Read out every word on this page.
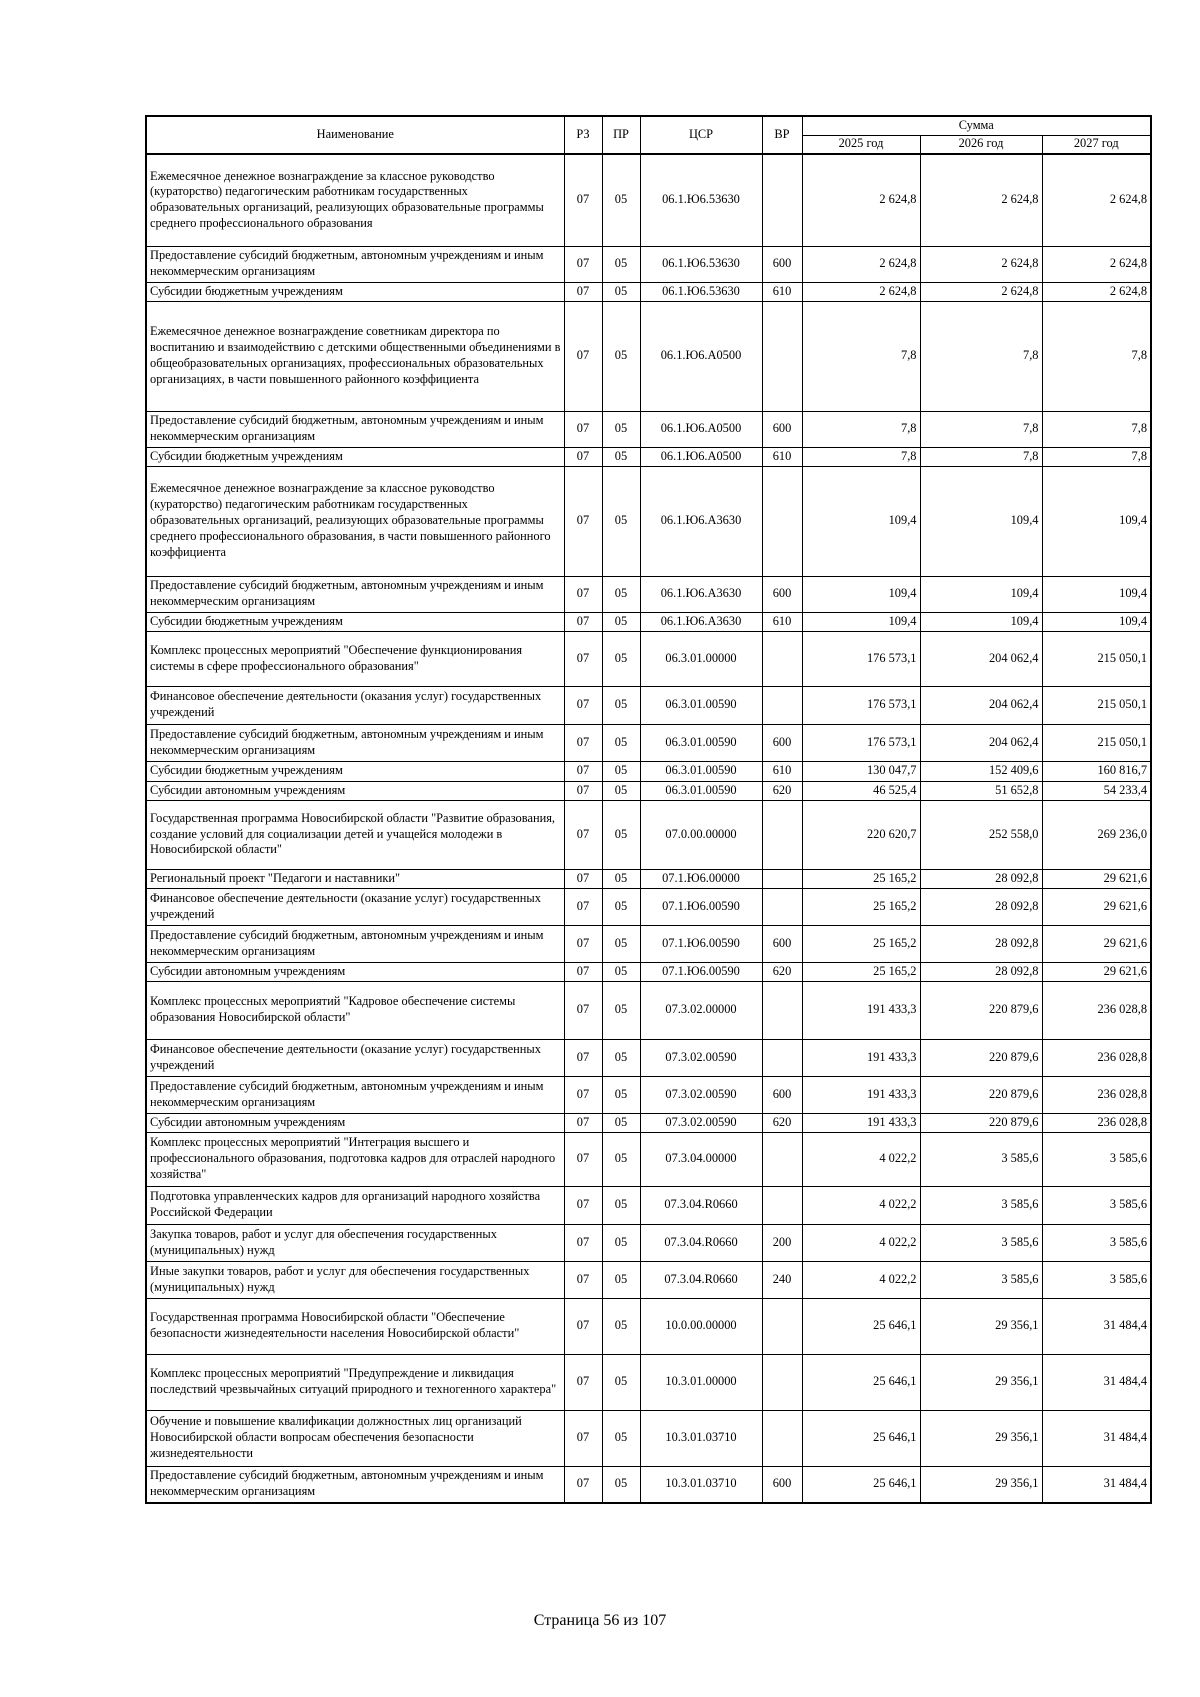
Наименование	РЗ	ПР	ЦСР	ВР	Сумма		
					2025 год	2026 год	2027 год
Ежемесячное денежное вознаграждение за классное руководство (кураторство) педагогическим работникам государственных образовательных организаций, реализующих образовательные программы среднего профессионального образования	07	05	06.1.Ю6.53630		2 624,8	2 624,8	2 624,8
Предоставление субсидий бюджетным, автономным учреждениям и иным некоммерческим организациям	07	05	06.1.Ю6.53630	600	2 624,8	2 624,8	2 624,8
Субсидии бюджетным учреждениям	07	05	06.1.Ю6.53630	610	2 624,8	2 624,8	2 624,8
Ежемесячное денежное вознаграждение советникам директора по воспитанию и взаимодействию с детскими общественными объединениями в общеобразовательных организациях, профессиональных образовательных организациях, в части повышенного районного коэффициента	07	05	06.1.Ю6.А0500		7,8	7,8	7,8
Предоставление субсидий бюджетным, автономным учреждениям и иным некоммерческим организациям	07	05	06.1.Ю6.А0500	600	7,8	7,8	7,8
Субсидии бюджетным учреждениям	07	05	06.1.Ю6.А0500	610	7,8	7,8	7,8
Ежемесячное денежное вознаграждение за классное руководство (кураторство) педагогическим работникам государственных образовательных организаций, реализующих образовательные программы среднего профессионального образования, в части повышенного районного коэффициента	07	05	06.1.Ю6.А3630		109,4	109,4	109,4
Предоставление субсидий бюджетным, автономным учреждениям и иным некоммерческим организациям	07	05	06.1.Ю6.А3630	600	109,4	109,4	109,4
Субсидии бюджетным учреждениям	07	05	06.1.Ю6.А3630	610	109,4	109,4	109,4
Комплекс процессных мероприятий "Обеспечение функционирования системы в сфере профессионального образования"	07	05	06.3.01.00000		176 573,1	204 062,4	215 050,1
Финансовое обеспечение деятельности (оказания услуг) государственных учреждений	07	05	06.3.01.00590		176 573,1	204 062,4	215 050,1
Предоставление субсидий бюджетным, автономным учреждениям и иным некоммерческим организациям	07	05	06.3.01.00590	600	176 573,1	204 062,4	215 050,1
Субсидии бюджетным учреждениям	07	05	06.3.01.00590	610	130 047,7	152 409,6	160 816,7
Субсидии автономным учреждениям	07	05	06.3.01.00590	620	46 525,4	51 652,8	54 233,4
Государственная программа Новосибирской области "Развитие образования, создание условий для социализации детей и учащейся молодежи в Новосибирской области"	07	05	07.0.00.00000		220 620,7	252 558,0	269 236,0
Региональный проект "Педагоги и наставники"	07	05	07.1.Ю6.00000		25 165,2	28 092,8	29 621,6
Финансовое обеспечение деятельности (оказание услуг) государственных учреждений	07	05	07.1.Ю6.00590		25 165,2	28 092,8	29 621,6
Предоставление субсидий бюджетным, автономным учреждениям и иным некоммерческим организациям	07	05	07.1.Ю6.00590	600	25 165,2	28 092,8	29 621,6
Субсидии автономным учреждениям	07	05	07.1.Ю6.00590	620	25 165,2	28 092,8	29 621,6
Комплекс процессных мероприятий "Кадровое обеспечение системы образования Новосибирской области"	07	05	07.3.02.00000		191 433,3	220 879,6	236 028,8
Финансовое обеспечение деятельности (оказание услуг) государственных учреждений	07	05	07.3.02.00590		191 433,3	220 879,6	236 028,8
Предоставление субсидий бюджетным, автономным учреждениям и иным некоммерческим организациям	07	05	07.3.02.00590	600	191 433,3	220 879,6	236 028,8
Субсидии автономным учреждениям	07	05	07.3.02.00590	620	191 433,3	220 879,6	236 028,8
Комплекс процессных мероприятий "Интеграция высшего и профессионального образования, подготовка кадров для отраслей народного хозяйства"	07	05	07.3.04.00000		4 022,2	3 585,6	3 585,6
Подготовка управленческих кадров для организаций народного хозяйства Российской Федерации	07	05	07.3.04.R0660		4 022,2	3 585,6	3 585,6
Закупка товаров, работ и услуг для обеспечения государственных (муниципальных) нужд	07	05	07.3.04.R0660	200	4 022,2	3 585,6	3 585,6
Иные закупки товаров, работ и услуг для обеспечения государственных (муниципальных) нужд	07	05	07.3.04.R0660	240	4 022,2	3 585,6	3 585,6
Государственная программа Новосибирской области "Обеспечение безопасности жизнедеятельности населения Новосибирской области"	07	05	10.0.00.00000		25 646,1	29 356,1	31 484,4
Комплекс процессных мероприятий "Предупреждение и ликвидация последствий чрезвычайных ситуаций природного и техногенного характера"	07	05	10.3.01.00000		25 646,1	29 356,1	31 484,4
Обучение и повышение квалификации должностных лиц организаций Новосибирской области вопросам обеспечения безопасности жизнедеятельности	07	05	10.3.01.03710		25 646,1	29 356,1	31 484,4
Предоставление субсидий бюджетным, автономным учреждениям и иным некоммерческим организациям	07	05	10.3.01.03710	600	25 646,1	29 356,1	31 484,4
Страница 56 из 107
